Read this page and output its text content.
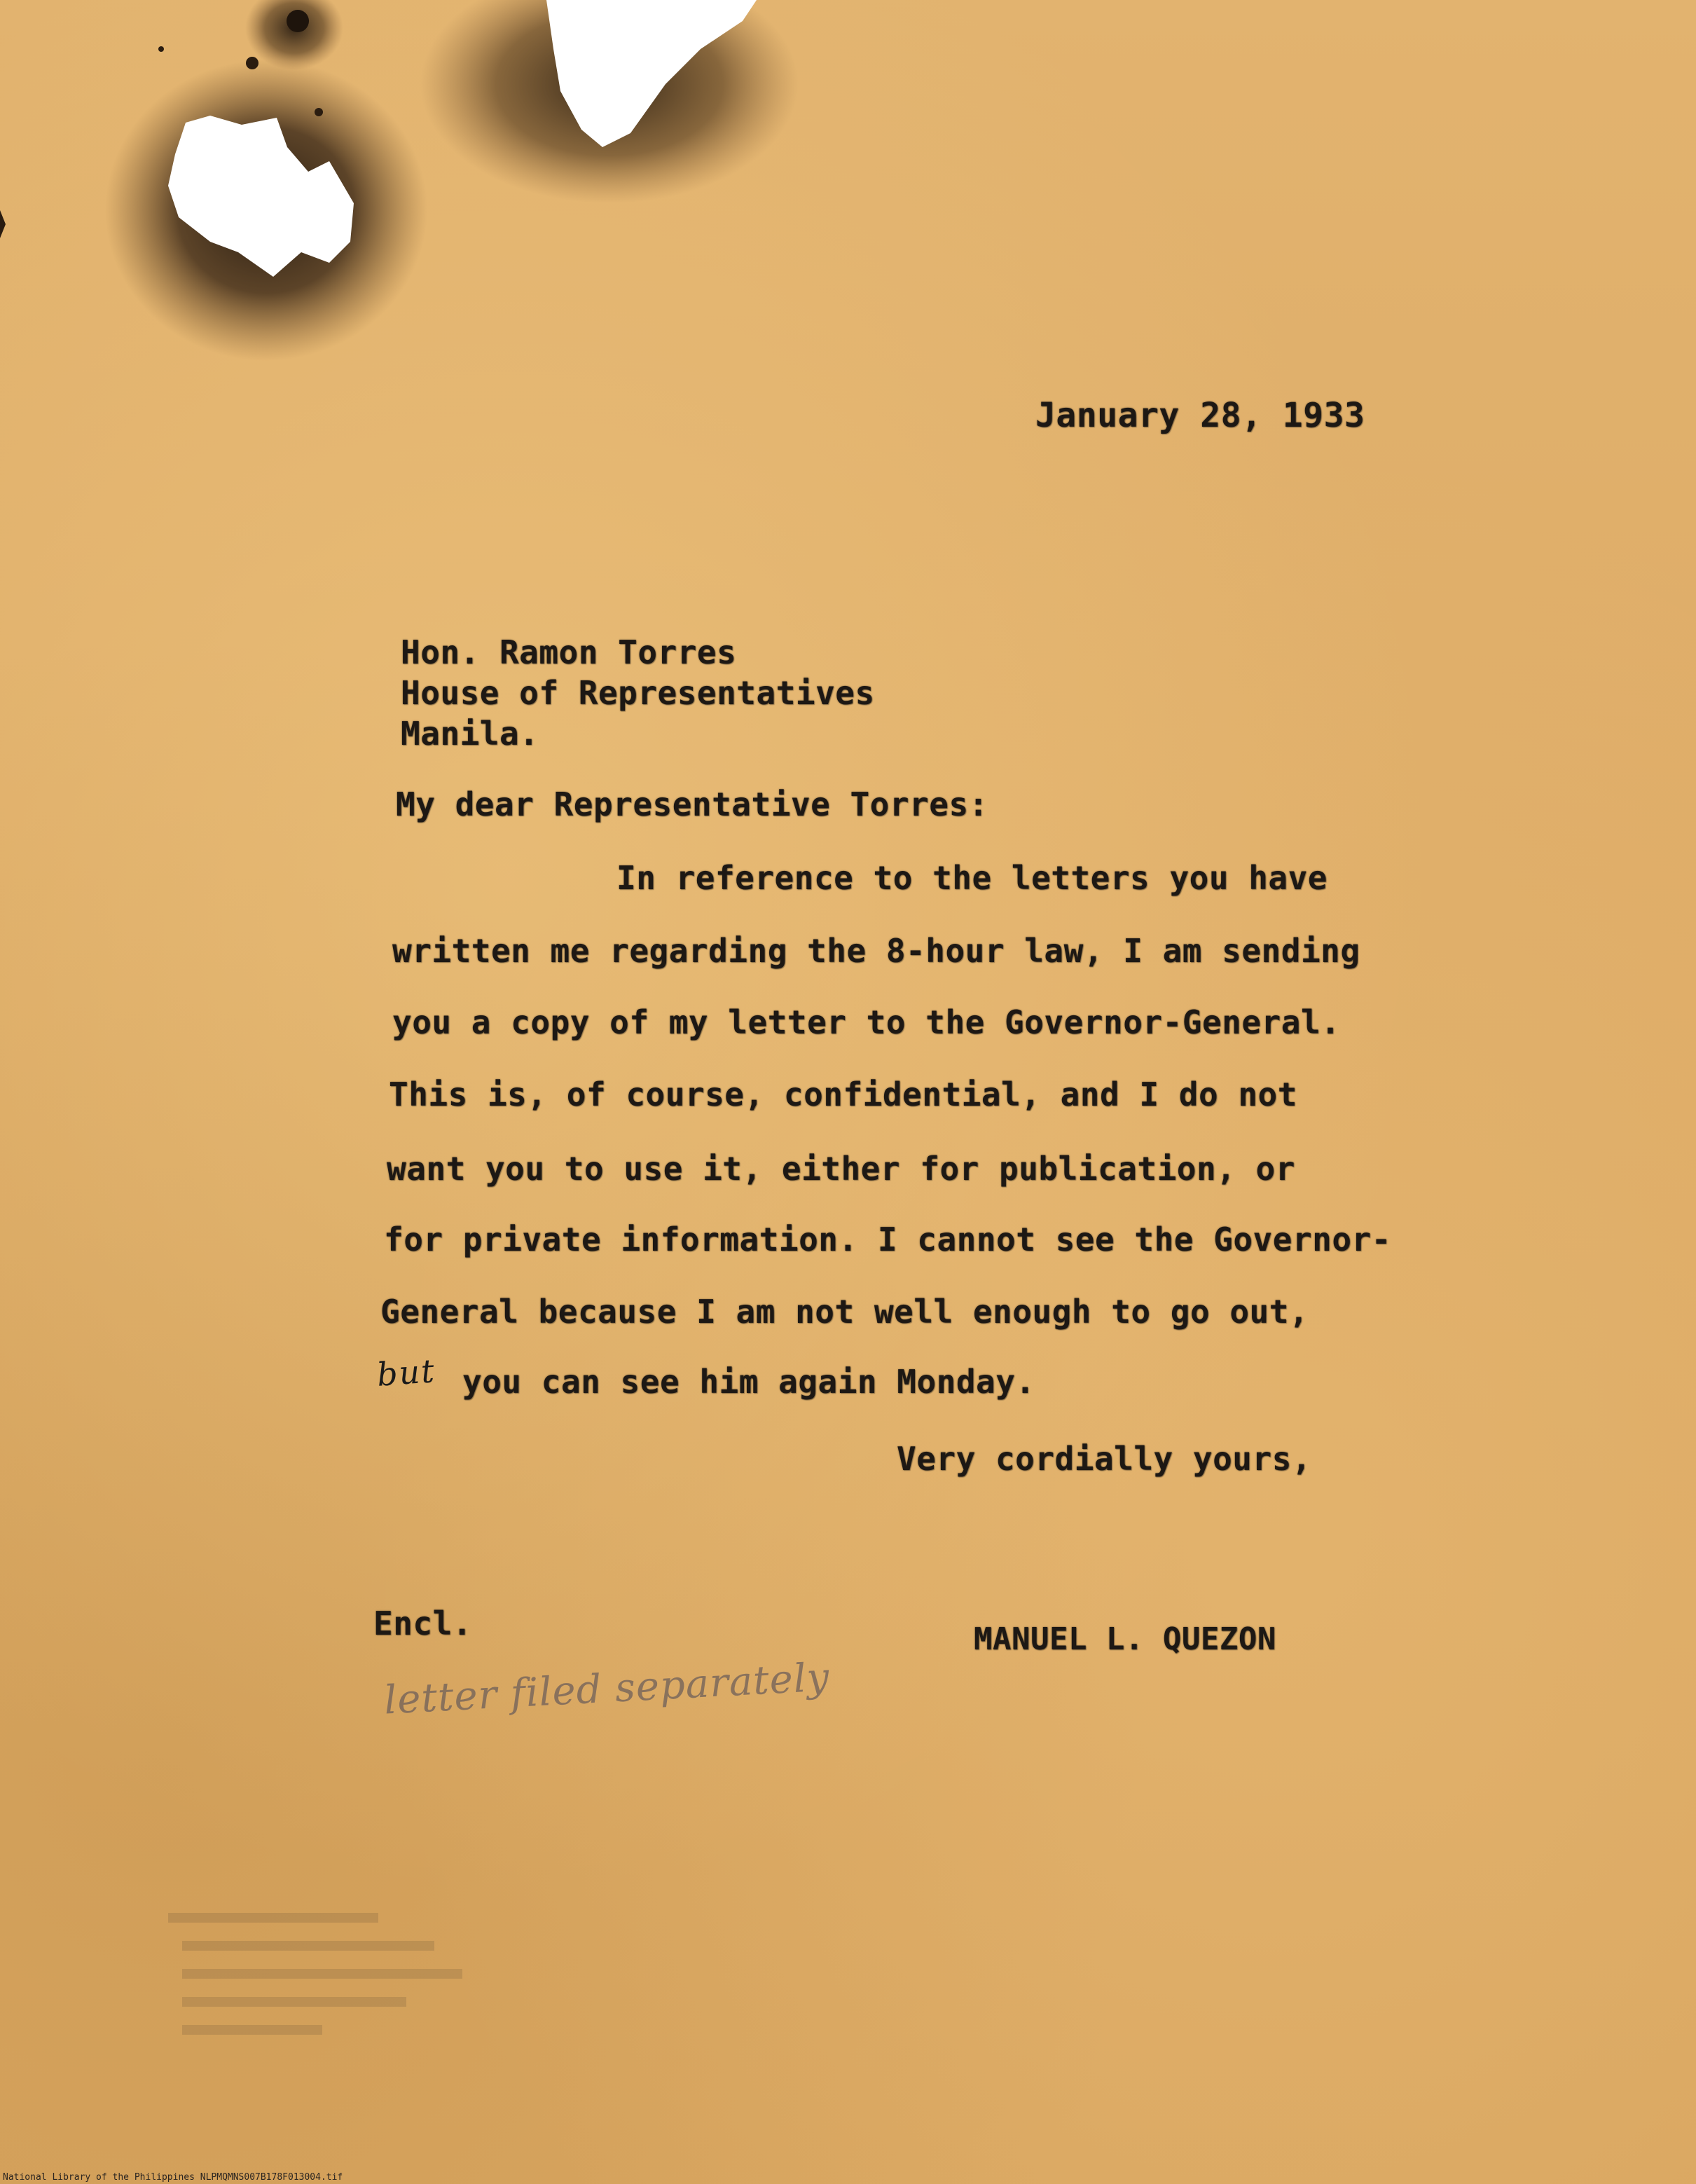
January 28, 1933
Hon. Ramon Torres
House of Representatives
Manila.
My dear Representative Torres:
In reference to the letters you have
written me regarding the 8-hour law, I am sending
you a copy of my letter to the Governor-General.
This is, of course, confidential, and I do not
want you to use it, either for publication, or
for private information. I cannot see the Governor-
General because I am not well enough to go out,
but you can see him again Monday.
Very cordially yours,
Encl.	MANUEL L. QUEZON
letter filed separately
National Library of the Philippines NLPMQMNS007B178F013004.tif
